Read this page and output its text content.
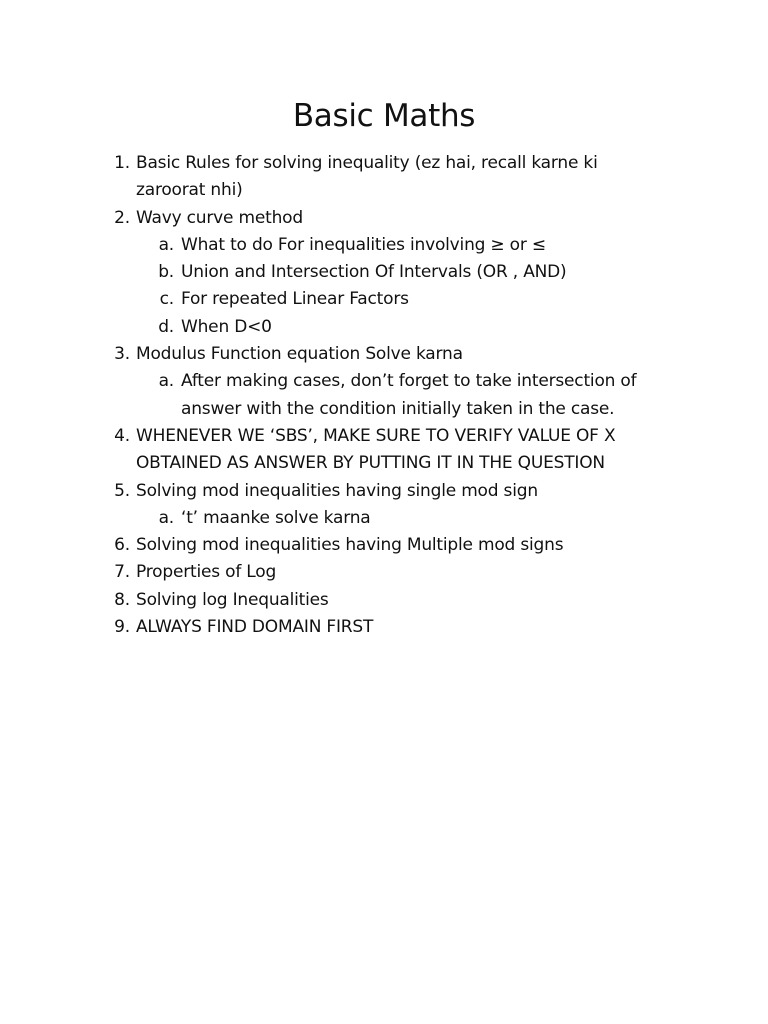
Basic Maths
1. Basic Rules for solving inequality (ez hai, recall karne ki zaroorat nhi)
2. Wavy curve method
a. What to do For inequalities involving ≥ or ≤
b. Union and Intersection Of Intervals (OR , AND)
c. For repeated Linear Factors
d. When D<0
3. Modulus Function equation Solve karna
a. After making cases, don’t forget to take intersection of answer with the condition initially taken in the case.
4. WHENEVER WE ‘SBS’, MAKE SURE TO VERIFY VALUE OF X OBTAINED AS ANSWER BY PUTTING IT IN THE QUESTION
5. Solving mod inequalities having single mod sign
a. ‘t’ maanke solve karna
6. Solving mod inequalities having Multiple mod signs
7. Properties of Log
8. Solving log Inequalities
9. ALWAYS FIND DOMAIN FIRST
